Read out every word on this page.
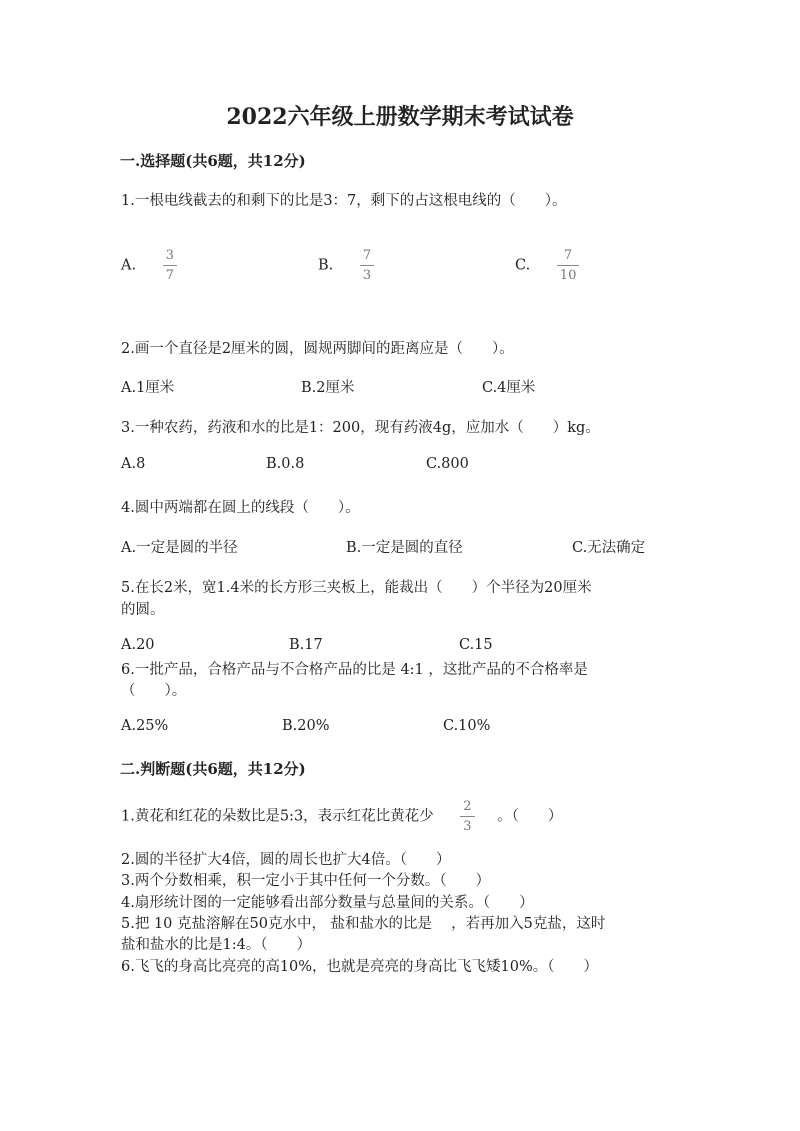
2022六年级上册数学期末考试试卷
一.选择题(共6题，共12分)
1.一根电线截去的和剩下的比是3：7，剩下的占这根电线的（　　）。
A. $\frac{3}{7}$	B. $\frac{7}{3}$	C. $\frac{7}{10}$
2.画一个直径是2厘米的圆，圆规两脚间的距离应是（　　）。
A.1厘米	B.2厘米	C.4厘米
3.一种农药，药液和水的比是1：200，现有药液4g，应加水（　　）kg。
A.8	B.0.8	C.800
4.圆中两端都在圆上的线段（　　）。
A.一定是圆的半径	B.一定是圆的直径	C.无法确定
5.在长2米，宽1.4米的长方形三夹板上，能裁出（　　）个半径为20厘米
的圆。
A.20	B.17	C.15
6.一批产品，合格产品与不合格产品的比是 4:1 ，这批产品的不合格率是
（　　）。
A.25%	B.20%	C.10%
二.判断题(共6题，共12分)
1.黄花和红花的朵数比是5:3，表示红花比黄花少 $\frac{2}{3}$ 。（　　）
2.圆的半径扩大4倍，圆的周长也扩大4倍。（　　）
3.两个分数相乘，积一定小于其中任何一个分数。（　　）
4.扇形统计图的一定能够看出部分数量与总量间的关系。（　　）
5.把 10 克盐溶解在50克水中， 盐和盐水的比是　 ，若再加入5克盐，这时
盐和盐水的比是1:4。（　　）
6.飞飞的身高比亮亮的高10%，也就是亮亮的身高比飞飞矮10%。（　　）
